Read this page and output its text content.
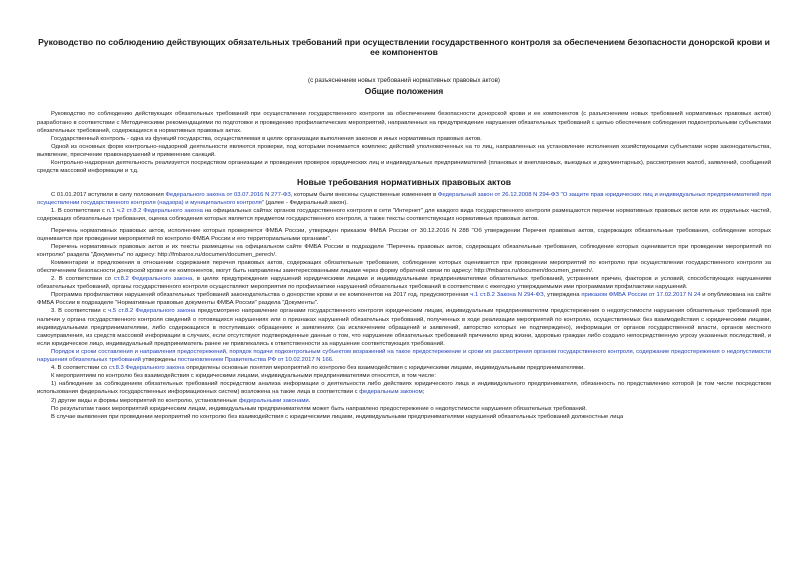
Руководство по соблюдению действующих обязательных требований при осуществлении государственного контроля за обеспечением безопасности донорской крови и ее компонентов
(с разъяснением новых требований нормативных правовых актов)
Общие положения

Руководство по соблюдению действующих обязательных требований при осуществлении государственного контроля за обеспечением безопасности донорской крови и ее компонентов (с разъяснением новых требований нормативных правовых актов) разработано в соответствии с Методическими рекомендациями по подготовке и проведению профилактических мероприятий, направленных на предупреждение нарушения обязательных требований с целью обеспечения соблюдения подконтрольными субъектами обязательных требований, содержащихся в нормативных правовых актах.

Государственный контроль - одна из функций государства, осуществляемая в целях организации выполнения законов и иных нормативных правовых актов.

Одной из основных форм контрольно-надзорной деятельности являются проверки, под которыми понимается комплекс действий уполномоченных на то лиц, направленных на установление исполнения хозяйствующими субъектами норм законодательства, выявление, пресечение правонарушений и применение санкций.

Контрольно-надзорная деятельность реализуется посредством организации и проведения проверок юридических лиц и индивидуальных предпринимателей (плановых и внеплановых, выездных и документарных), рассмотрения жалоб, заявлений, сообщений средств массовой информации и т.д.

Новые требования нормативных правовых актов

С 01.01.2017 вступили в силу положения Федерального закона от 03.07.2016 N 277-ФЗ, которым были внесены существенные изменения в Федеральный закон от 26.12.2008 N 294-ФЗ "О защите прав юридических лиц и индивидуальных предпринимателей при осуществлении государственного контроля (надзора) и муниципального контроля" (далее - Федеральный закон).

1. В соответствии с п.1 ч.2 ст.8.2 Федерального закона на официальных сайтах органов государственного контроля в сети "Интернет" для каждого вида государственного контроля размещаются перечни нормативных правовых актов или их отдельных частей, содержащих обязательные требования, оценка соблюдения которых является предметом государственного контроля, а также тексты соответствующих нормативных правовых актов.

Перечень нормативных правовых актов, исполнение которых проверяется ФМБА России, утвержден приказом ФМБА России от 30.12.2016 N 288 "Об утверждении Перечня правовых актов, содержащих обязательные требования, соблюдение которых оценивается при проведении мероприятий по контролю ФМБА России и его территориальными органами".

Перечень нормативных правовых актов и их тексты размещены на официальном сайте ФМБА России в подразделе "Перечень правовых актов, содержащих обязательные требования, соблюдение которых оценивается при проведении мероприятий по контролю" раздела "Документы" по адресу: http://fmbaros.ru/documen/documen_perech/.

Комментарии и предложения в отношении содержания перечня правовых актов, содержащих обязательные требования, соблюдение которых оценивается при проведении мероприятий по контролю при осуществлении государственного контроля за обеспечением безопасности донорской крови и ее компонентов, могут быть направлены заинтересованными лицами через форму обратной связи по адресу: http://fmbaros.ru/documen/documen_perech/.

2. В соответствии со ст.8.2 Федерального закона, в целях предупреждения нарушений юридическими лицами и индивидуальными предпринимателями обязательных требований, устранения причин, факторов и условий, способствующих нарушениям обязательных требований, органы государственного контроля осуществляют мероприятия по профилактике нарушений обязательных требований в соответствии с ежегодно утверждаемыми ими программами профилактики нарушений.

Программа профилактики нарушений обязательных требований законодательства о донорстве крови и ее компонентов на 2017 год, предусмотренная ч.1 ст.8.2 Закона N 294-ФЗ, утверждена приказом ФМБА России от 17.02.2017 N 24 и опубликована на сайте ФМБА России в подразделе "Нормативные правовые документы ФМБА России" раздела "Документы".

3. В соответствии с ч.5 ст.8.2 Федерального закона предусмотрено направление органами государственного контроля юридическим лицам, индивидуальным предпринимателям предостережения о недопустимости нарушения обязательных требований при наличии у органа государственного контроля сведений о готовящихся нарушениях или о признаках нарушений обязательных требований, полученных в ходе реализации мероприятий по контролю, осуществляемых без взаимодействия с юридическими лицами, индивидуальными предпринимателями, либо содержащихся в поступивших обращениях и заявлениях (за исключением обращений и заявлений, авторство которых не подтверждено), информации от органов государственной власти, органов местного самоуправления, из средств массовой информации в случаях, если отсутствуют подтвержденные данные о том, что нарушение обязательных требований причинило вред жизни, здоровью граждан либо создало непосредственную угрозу указанных последствий, и если юридическое лицо, индивидуальный предприниматель ранее не привлекались к ответственности за нарушение соответствующих требований.

Порядок и сроки составления и направления предостережений, порядок подачи подконтрольным субъектом возражений на такое предостережение и сроки их рассмотрения органом государственного контроля, содержание предостережения о недопустимости нарушения обязательных требований утверждены постановлением Правительства РФ от 10.02.2017 N 166.

4. В соответствии со ст.8.3 Федерального закона определены основные понятия мероприятий по контролю без взаимодействия с юридическими лицами, индивидуальными предпринимателями.

К мероприятиям по контролю без взаимодействия с юридическими лицами, индивидуальными предпринимателями относятся, в том числе:

1) наблюдение за соблюдением обязательных требований посредством анализа информации о деятельности либо действиях юридического лица и индивидуального предпринимателя, обязанность по представлению которой (в том числе посредством использования федеральных государственных информационных систем) возложена на такие лица в соответствии с федеральным законом;

2) другие виды и формы мероприятий по контролю, установленные федеральными законами.

По результатам таких мероприятий юридическим лицам, индивидуальным предпринимателям может быть направлено предостережение о недопустимости нарушения обязательных требований.

В случае выявления при проведении мероприятий по контролю без взаимодействия с юридическими лицами, индивидуальными предпринимателями нарушений обязательных требований должностные лица
